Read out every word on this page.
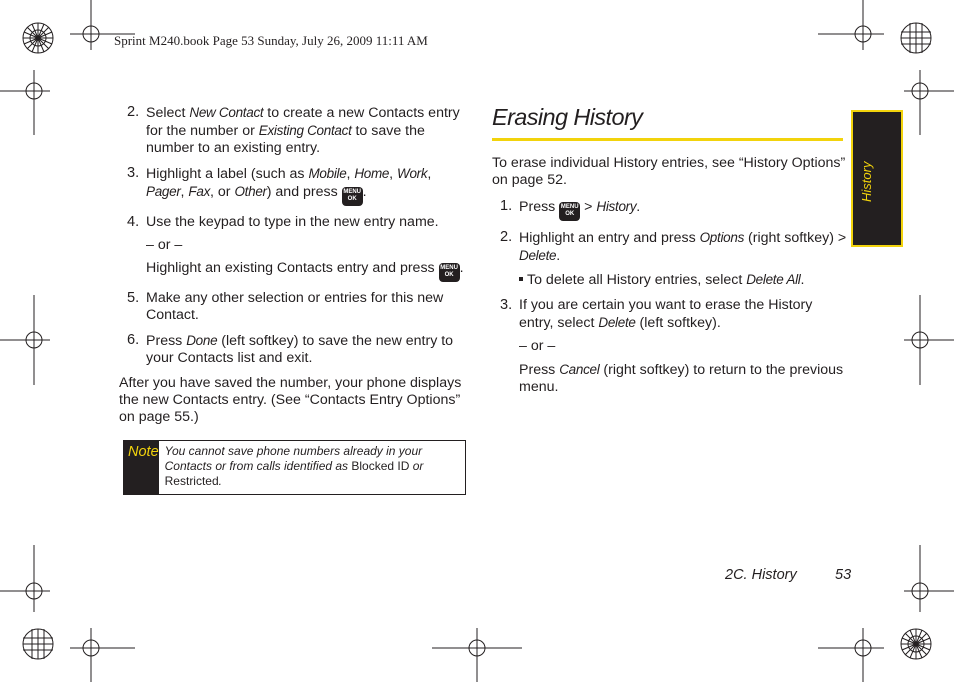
Sprint M240.book Page 53 Sunday, July 26, 2009 11:11 AM
2. Select New Contact to create a new Contacts entry for the number or Existing Contact to save the number to an existing entry.
3. Highlight a label (such as Mobile, Home, Work, Pager, Fax, or Other) and press MENU
OK .
4. Use the keypad to type in the new entry name.
– or –
Highlight an existing Contacts entry and press MENU
OK .
5. Make any other selection or entries for this new Contact.
6. Press Done (left softkey) to save the new entry to your Contacts list and exit.
After you have saved the number, your phone displays the new Contacts entry. (See “Contacts Entry Options” on page 55.)
Note You cannot save phone numbers already in your Contacts or from calls identified as Blocked ID or Restricted.
Erasing History
To erase individual History entries, see “History Options” on page 52.
1. Press MENU
OK > History.
2. Highlight an entry and press Options (right softkey) > Delete.
To delete all History entries, select Delete All.
3. If you are certain you want to erase the History entry, select Delete (left softkey).
– or –
Press Cancel (right softkey) to return to the previous menu.
History
2C. History	53
